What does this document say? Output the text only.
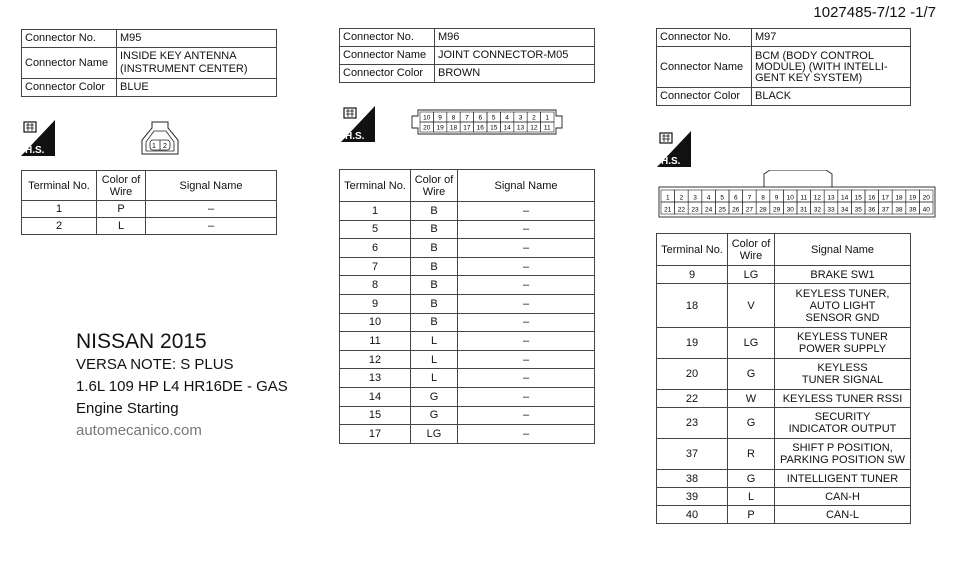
1027485-7/12 -1/7
Connector No.	M95
Connector Name	INSIDE KEY ANTENNA
(INSTRUMENT CENTER)

Connector Color	BLUE
H.S.	1 2
Terminal No.	Color of
Wire	Signal Name
1	P	–
2	L	–
NISSAN 2015
VERSA NOTE: S PLUS
1.6L 109 HP L4 HR16DE - GAS
Engine Starting
automecanico.com
Connector No.	M96
Connector Name	JOINT CONNECTOR-M05
Connector Color	BROWN
H.S.
10 9 8 7 6 5 4 3 2 1
20 19 18 17 16 15 14 13 12 11
Terminal No.	Color of
Wire	Signal Name
1	B	–
5	B	–
6	B	–
7	B	–
8	B	–
9	B	–
10	B	–
11	L	–
12	L	–
13	L	–
14	G	–
15	G	–
17	LG	–
Connector No.	M97
Connector Name	BCM (BODY CONTROL
MODULE) (WITH INTELLI-
GENT KEY SYSTEM)

Connector Color	BLACK
H.S.
1 2 3 4 5 6 7 8 9 10 11 12 13 14 15 16 17 18 19 20
21 22 23 24 25 26 27 28 29 30 31 32 33 34 35 36 37 38 39 40
Terminal No.	Color of
Wire	Signal Name
9	LG	BRAKE SW1

18	V	KEYLESS TUNER,
AUTO LIGHT
SENSOR GND

19	LG	KEYLESS TUNER
POWER SUPPLY

20	G	KEYLESS
TUNER SIGNAL

22	W	KEYLESS TUNER RSSI

23	G	SECURITY
INDICATOR OUTPUT

37	R	SHIFT P POSITION,
PARKING POSITION SW

38	G	INTELLIGENT TUNER

39	L	CAN-H

40	P	CAN-L
